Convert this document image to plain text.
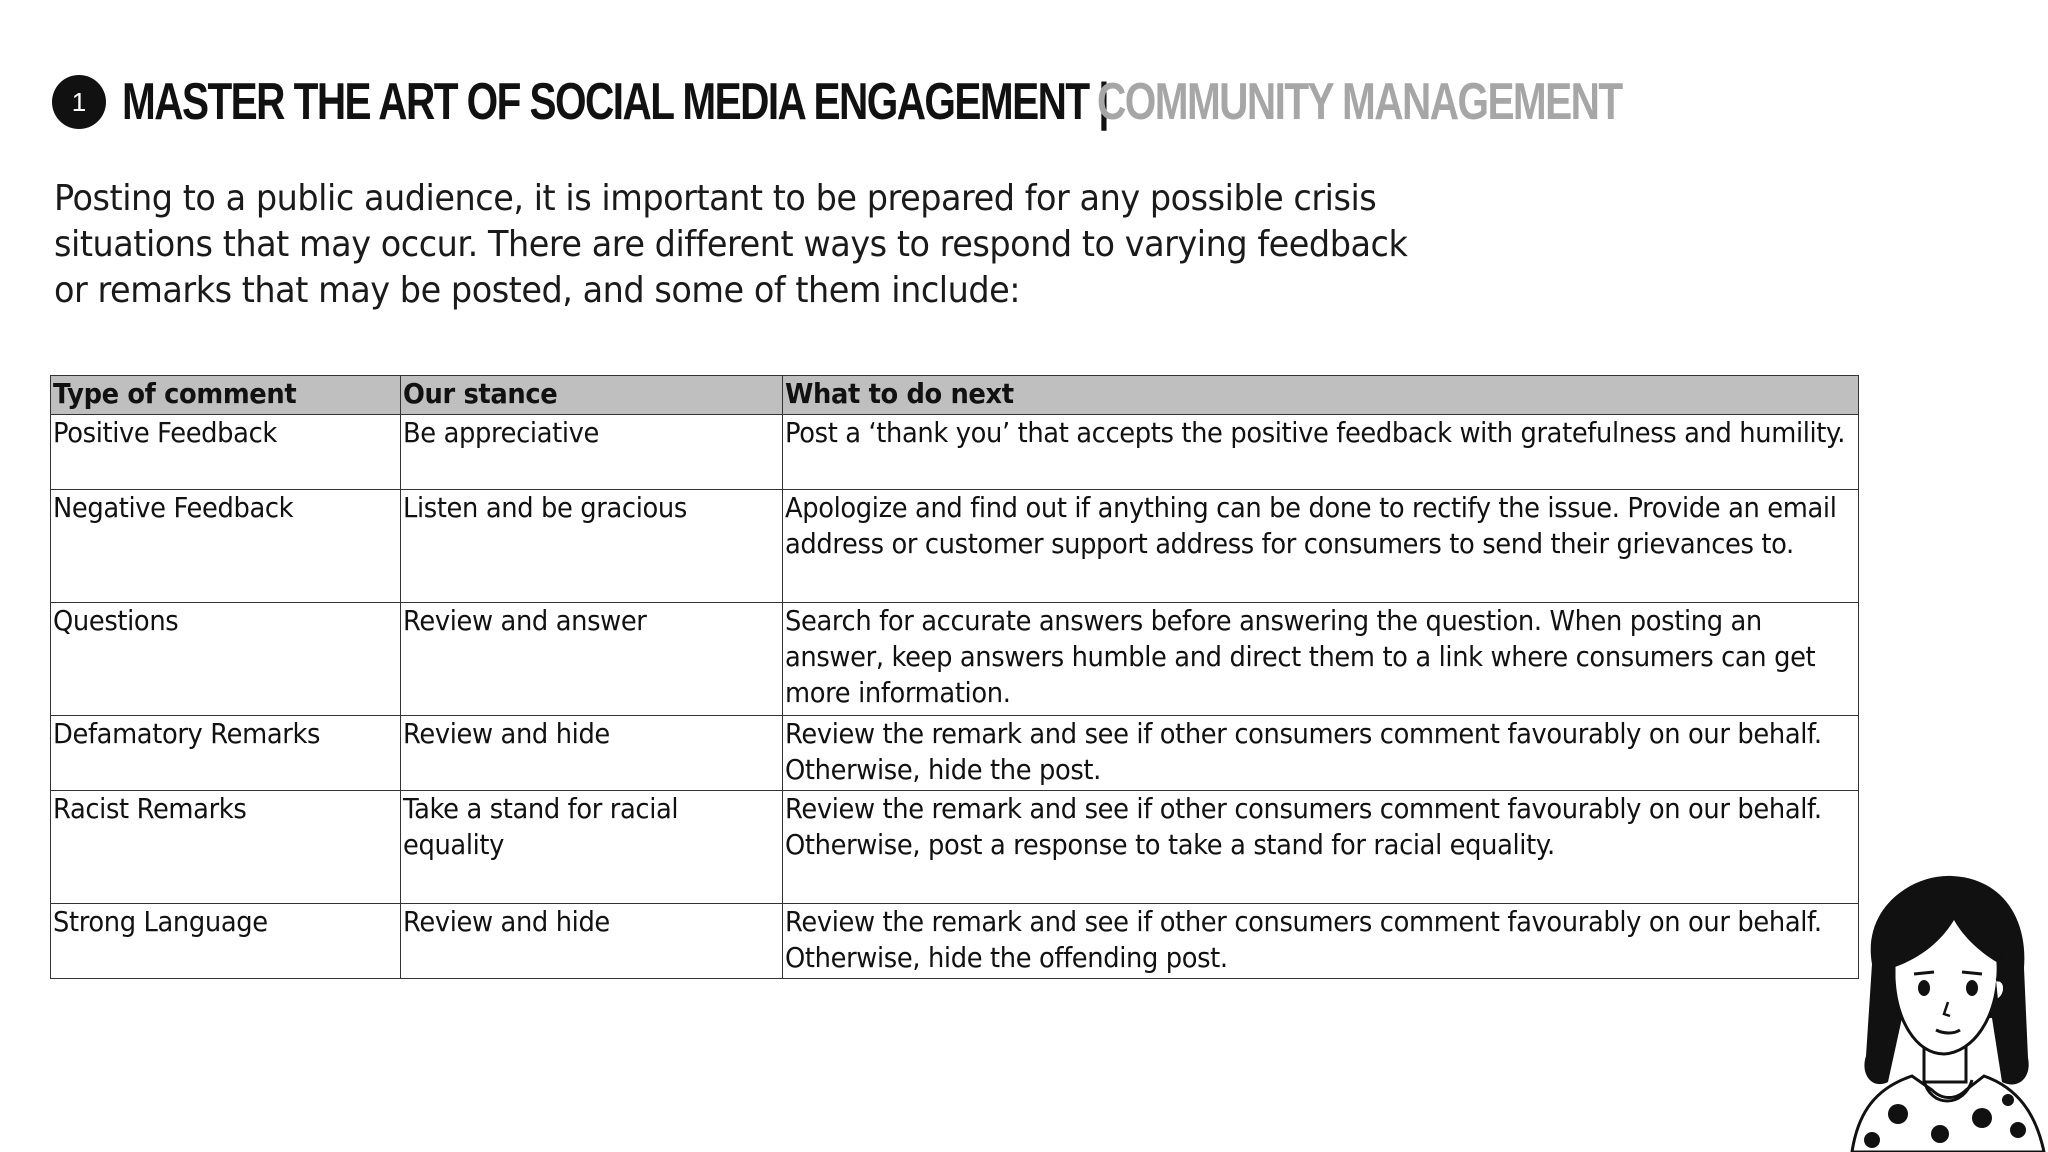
1 MASTER THE ART OF SOCIAL MEDIA ENGAGEMENT |
COMMUNITY MANAGEMENT
Posting to a public audience, it is important to be prepared for any possible crisis
situations that may occur. There are different ways to respond to varying feedback
or remarks that may be posted, and some of them include:
Type of comment	Our stance	What to do next
Positive Feedback	Be appreciative	Post a ‘thank you’ that accepts the positive feedback with gratefulness and humility.
Negative Feedback	Listen and be gracious	Apologize and find out if anything can be done to rectify the issue. Provide an email address or customer support address for consumers to send their grievances to.
Questions	Review and answer	Search for accurate answers before answering the question. When posting an answer, keep answers humble and direct them to a link where consumers can get more information.
Defamatory Remarks	Review and hide	Review the remark and see if other consumers comment favourably on our behalf. Otherwise, hide the post.
Racist Remarks	Take a stand for racial equality	Review the remark and see if other consumers comment favourably on our behalf. Otherwise, post a response to take a stand for racial equality.
Strong Language	Review and hide	Review the remark and see if other consumers comment favourably on our behalf. Otherwise, hide the offending post.
